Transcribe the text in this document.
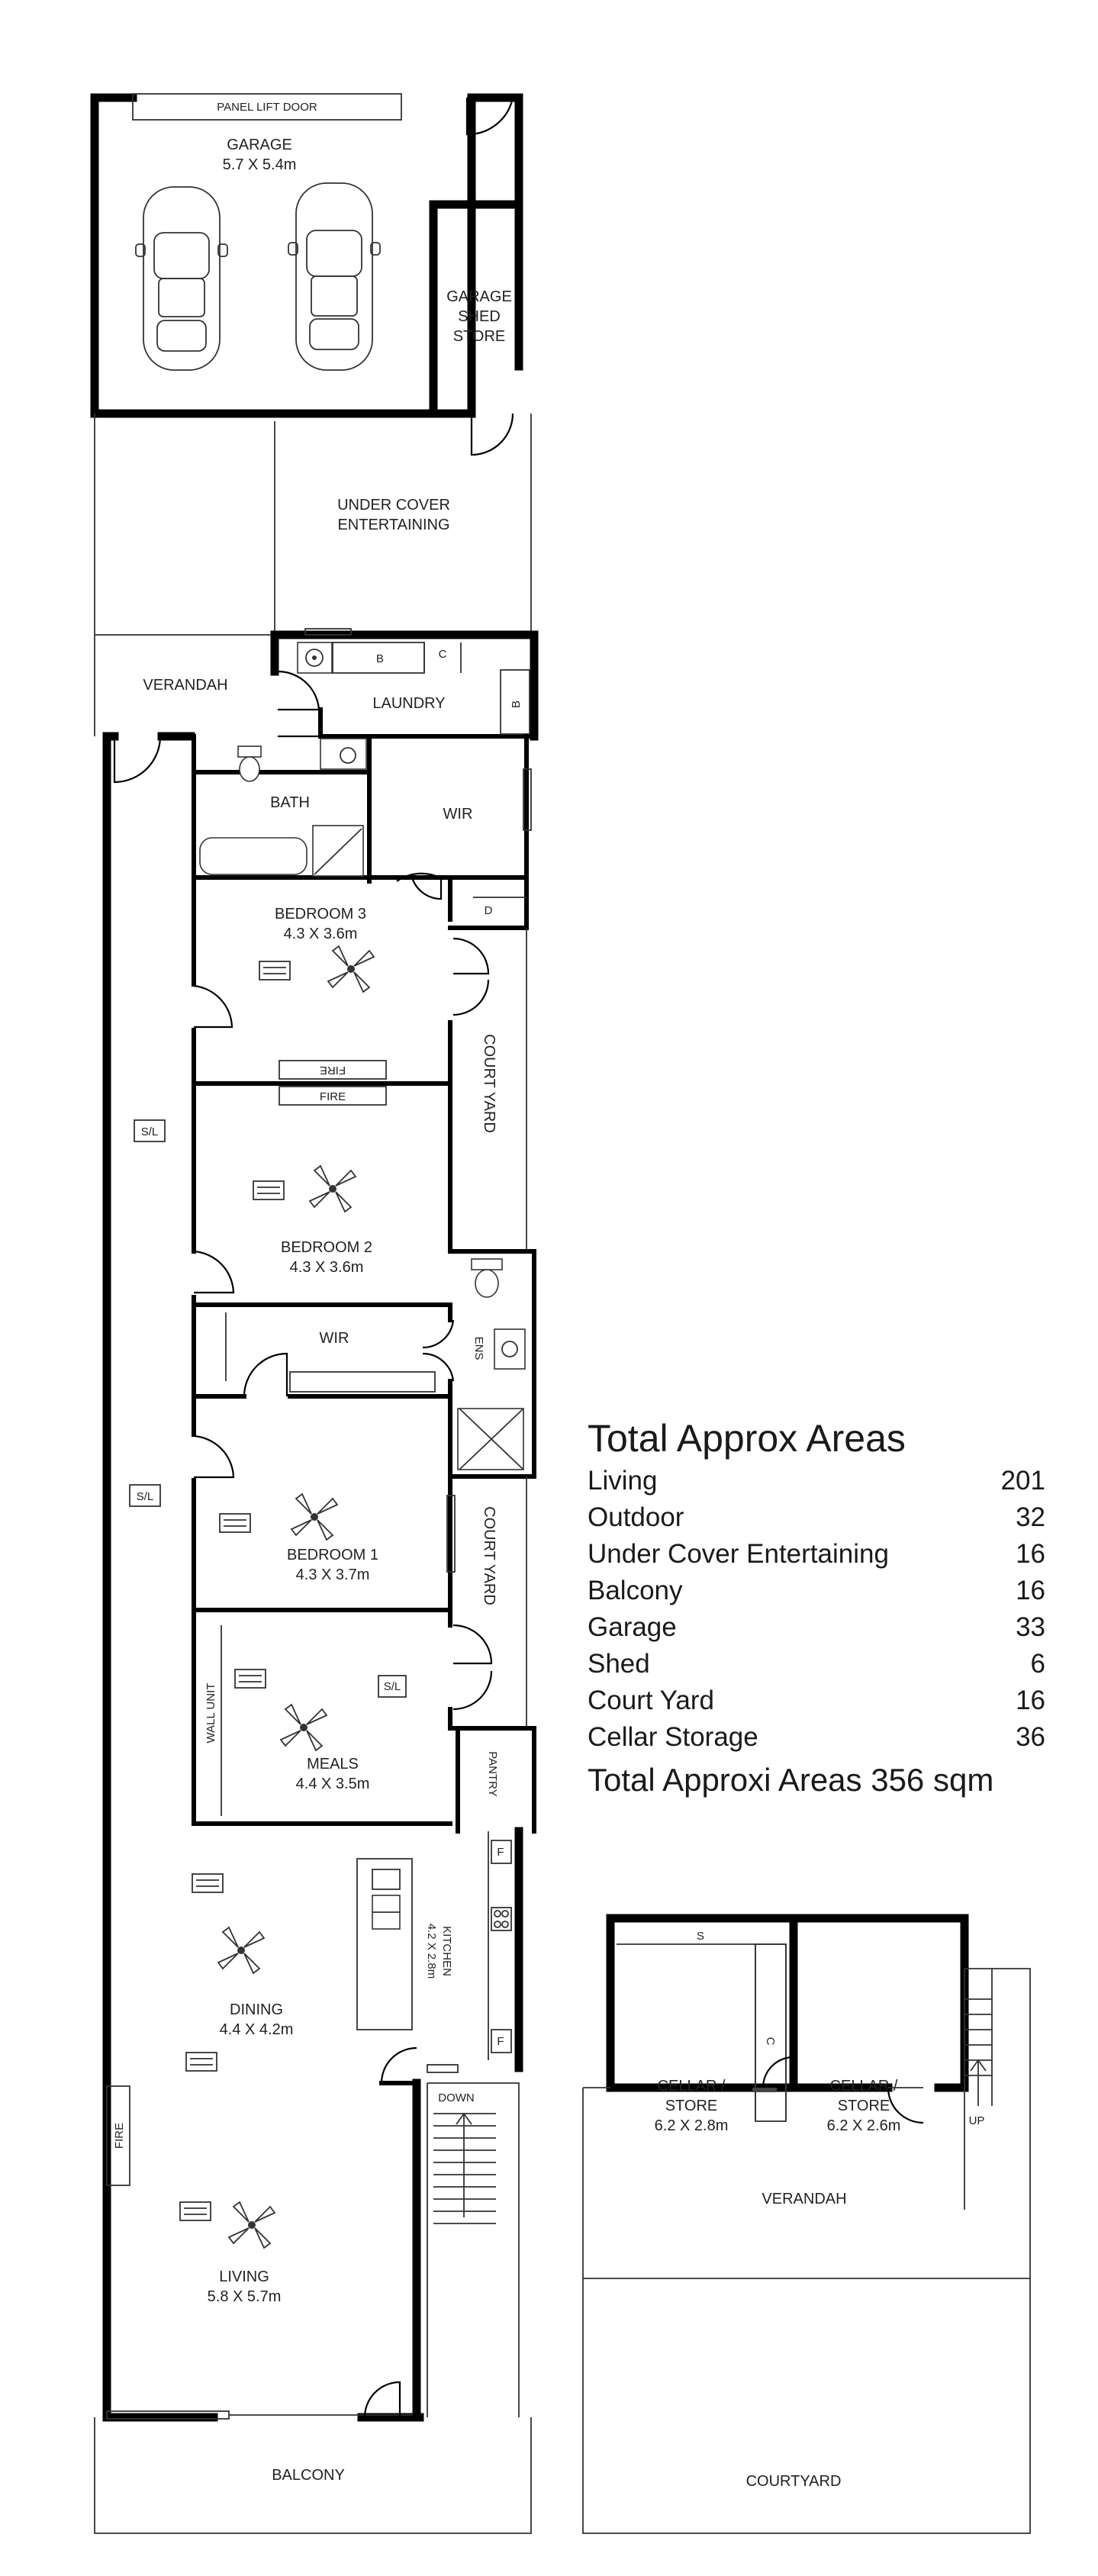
PANEL LIFT DOOR
GARAGE
5.7 X 5.4m
GARAGE
SHED
STORE
UNDER COVER
ENTERTAINING
VERANDAH
B	C
B
LAUNDRY
BATH
WIR
D
BEDROOM 3
4.3 X 3.6m
FIRE	COURT YARD
FIRE
BEDROOM 2
4.3 X 3.6m
WIR	ENS
BEDROOM 1
4.3 X 3.7m	COURT YARD
WALL UNIT
MEALS
4.4 X 3.5m
S/L
PANTRY
F
F
KITCHEN
4.2 X 2.8m
DINING
4.4 X 4.2m
DOWN
FIRE
LIVING
5.8 X 5.7m
S/L
S/L
BALCONY
S
C
CELLAR /
STORE
6.2 X 2.8m
CELLAR /
STORE
6.2 X 2.6m	UP
VERANDAH
COURTYARD
Total Approx Areas
Living	201
Outdoor	32
Under Cover Entertaining	16
Balcony	16
Garage	33
Shed	6
Court Yard	16
Cellar Storage	36
Total Approxi Areas 356 sqm
